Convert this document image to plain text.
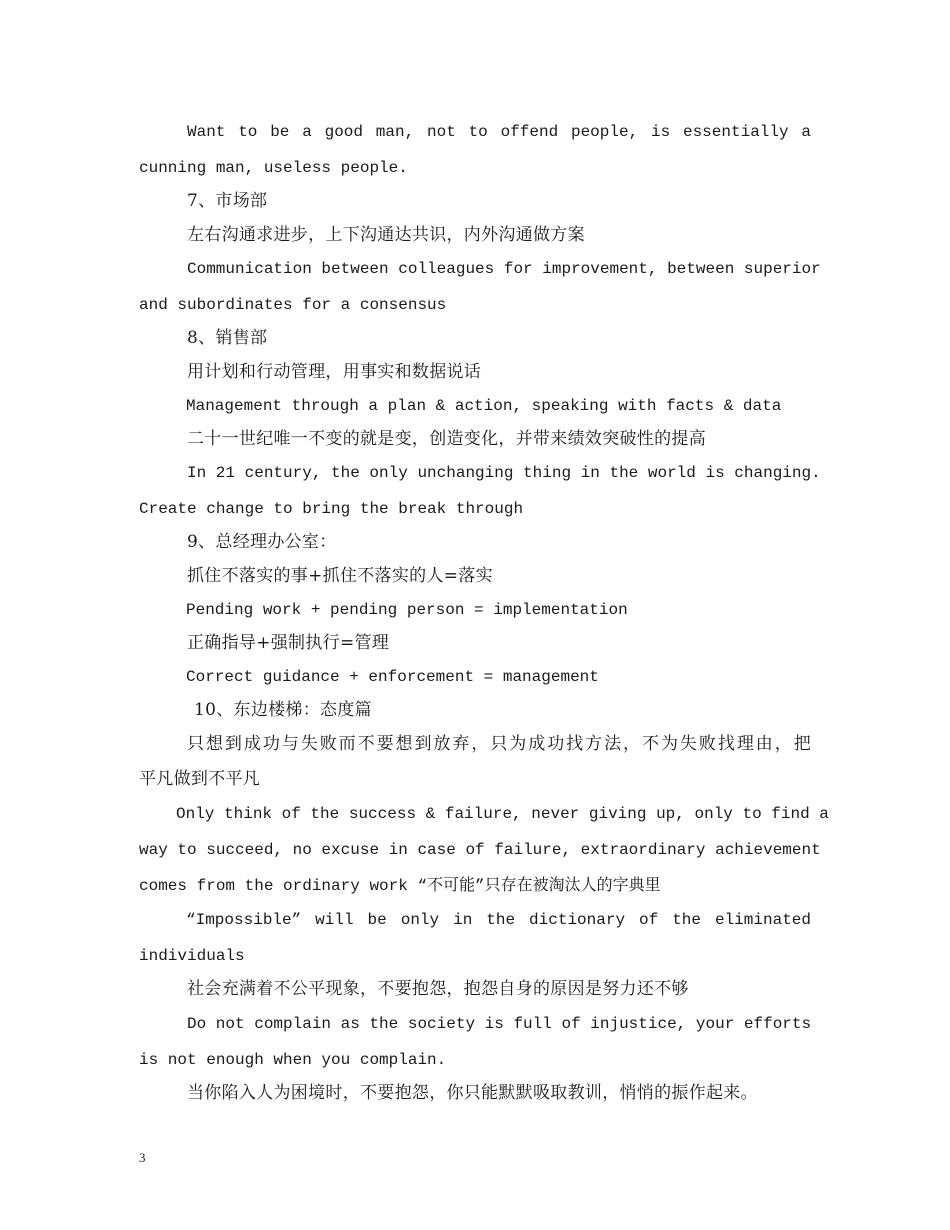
Want to be a good man, not to offend people, is essentially a
cunning man, useless people.
7、市场部
左右沟通求进步，上下沟通达共识，内外沟通做方案
Communication between colleagues for improvement, between superior
and subordinates for a consensus
8、销售部
用计划和行动管理，用事实和数据说话
Management through a plan & action, speaking with facts & data
二十一世纪唯一不变的就是变，创造变化，并带来绩效突破性的提高
In 21 century, the only unchanging thing in the world is changing.
Create change to bring the break through
9、总经理办公室：
抓住不落实的事+抓住不落实的人=落实
Pending work + pending person = implementation
正确指导+强制执行=管理
Correct guidance + enforcement = management
10、东边楼梯：态度篇
只想到成功与失败而不要想到放弃，只为成功找方法，不为失败找理由，把
平凡做到不平凡
Only think of the success & failure, never giving up, only to find a
way to succeed, no excuse in case of failure, extraordinary achievement
comes from the ordinary work “不可能”只存在被淘汰人的字典里
“Impossible” will be only in the dictionary of the eliminated
individuals
社会充满着不公平现象，不要抱怨，抱怨自身的原因是努力还不够
Do not complain as the society is full of injustice, your efforts
is not enough when you complain.
当你陷入人为困境时，不要抱怨，你只能默默吸取教训，悄悄的振作起来。
3
